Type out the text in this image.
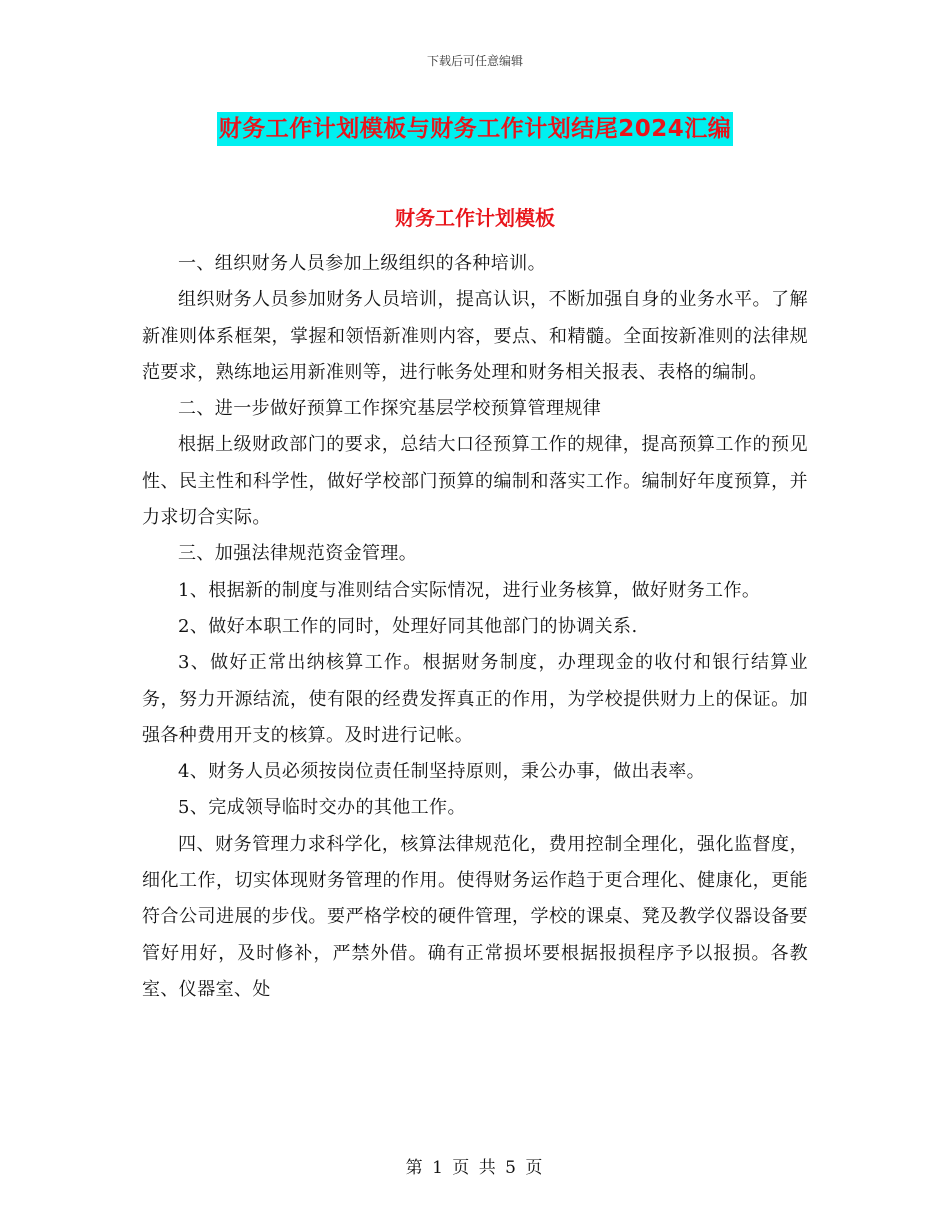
下载后可任意编辑
财务工作计划模板与财务工作计划结尾2024汇编
财务工作计划模板

一、组织财务人员参加上级组织的各种培训。

组织财务人员参加财务人员培训，提高认识，不断加强自身的业务水平。了解新准则体系框架，掌握和领悟新准则内容，要点、和精髓。全面按新准则的法律规范要求，熟练地运用新准则等，进行帐务处理和财务相关报表、表格的编制。

二、进一步做好预算工作探究基层学校预算管理规律

根据上级财政部门的要求，总结大口径预算工作的规律，提高预算工作的预见性、民主性和科学性，做好学校部门预算的编制和落实工作。编制好年度预算，并力求切合实际。

三、加强法律规范资金管理。

1、根据新的制度与准则结合实际情况，进行业务核算，做好财务工作。

2、做好本职工作的同时，处理好同其他部门的协调关系.

3、做好正常出纳核算工作。根据财务制度，办理现金的收付和银行结算业务，努力开源结流，使有限的经费发挥真正的作用，为学校提供财力上的保证。加强各种费用开支的核算。及时进行记帐。

4、财务人员必须按岗位责任制坚持原则，秉公办事，做出表率。

5、完成领导临时交办的其他工作。

四、财务管理力求科学化，核算法律规范化，费用控制全理化，强化监督度，细化工作，切实体现财务管理的作用。使得财务运作趋于更合理化、健康化，更能符合公司进展的步伐。要严格学校的硬件管理，学校的课桌、凳及教学仪器设备要管好用好，及时修补，严禁外借。确有正常损坏要根据报损程序予以报损。各教室、仪器室、处

第 1 页 共 5 页
